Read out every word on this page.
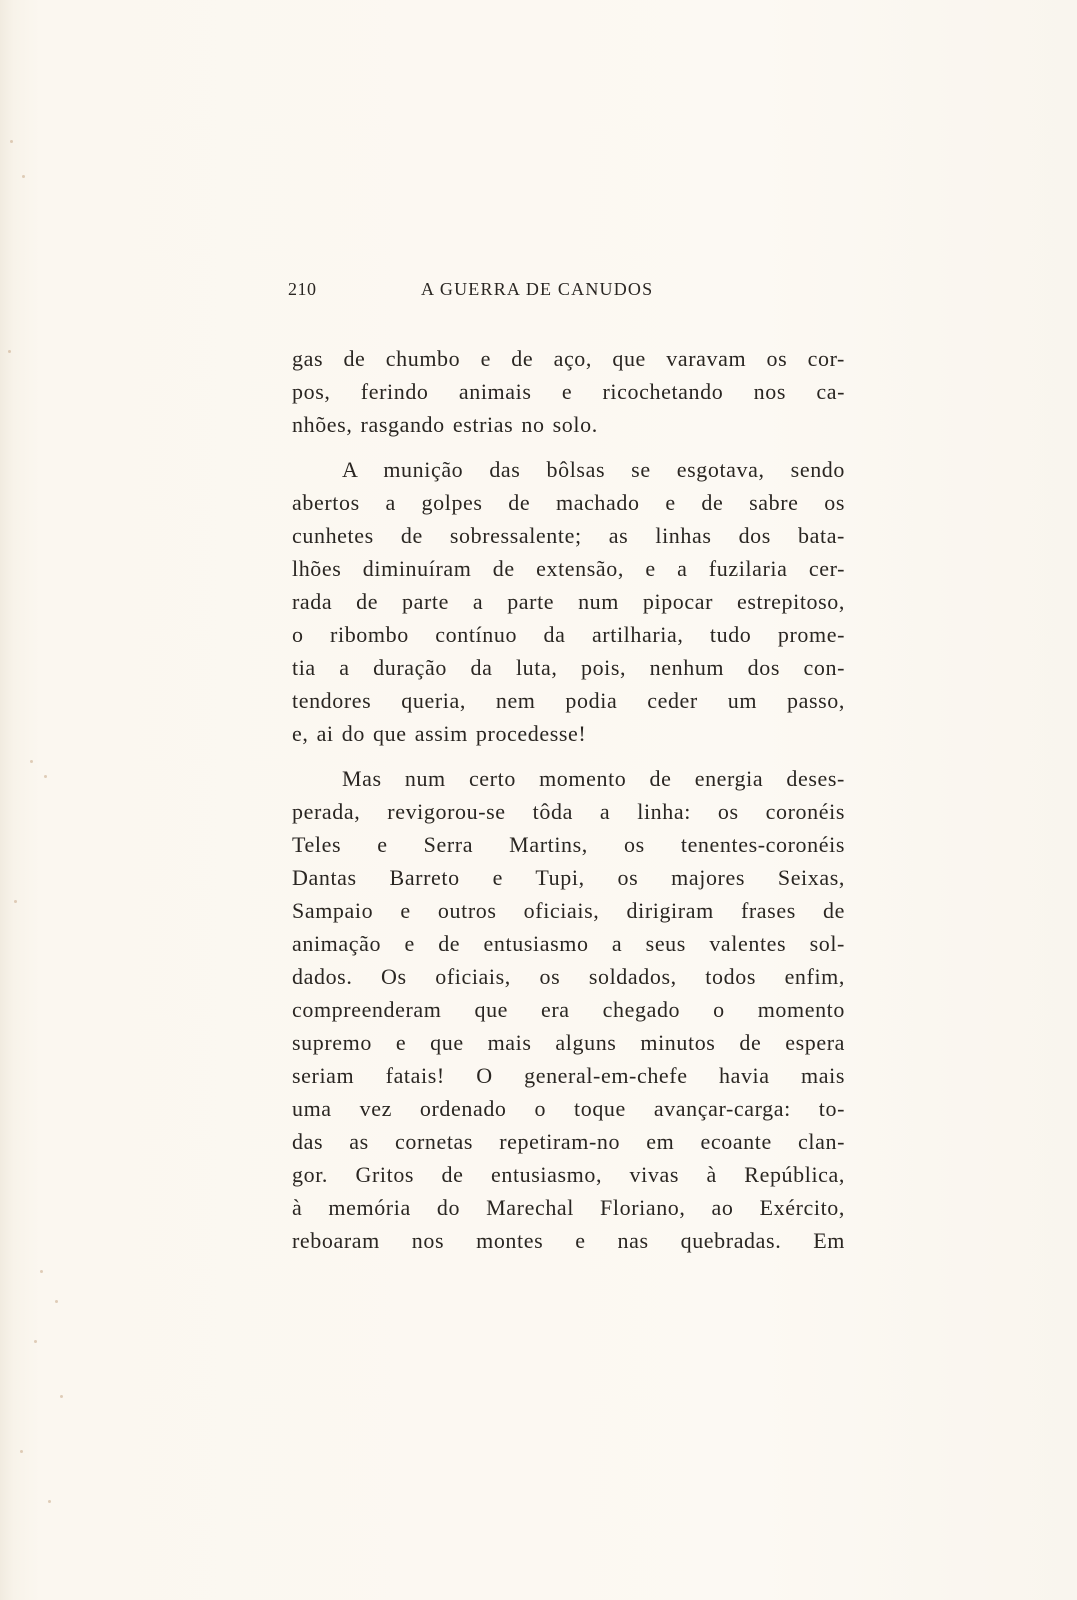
210	A GUERRA DE CANUDOS

gas de chumbo e de aço, que varavam os cor-

pos, ferindo animais e ricochetando nos ca-

nhões, rasgando estrias no solo.

A munição das bôlsas se esgotava, sendo

abertos a golpes de machado e de sabre os

cunhetes de sobressalente; as linhas dos bata-

lhões diminuíram de extensão, e a fuzilaria cer-

rada de parte a parte num pipocar estrepitoso,

o ribombo contínuo da artilharia, tudo prome-

tia a duração da luta, pois, nenhum dos con-

tendores queria, nem podia ceder um passo,

e, ai do que assim procedesse!

Mas num certo momento de energia deses-

perada, revigorou-se tôda a linha: os coronéis

Teles e Serra Martins, os tenentes-coronéis

Dantas Barreto e Tupi, os majores Seixas,

Sampaio e outros oficiais, dirigiram frases de

animação e de entusiasmo a seus valentes sol-

dados. Os oficiais, os soldados, todos enfim,

compreenderam que era chegado o momento

supremo e que mais alguns minutos de espera

seriam fatais! O general-em-chefe havia mais

uma vez ordenado o toque avançar-carga: to-

das as cornetas repetiram-no em ecoante clan-

gor. Gritos de entusiasmo, vivas à República,

à memória do Marechal Floriano, ao Exército,

reboaram nos montes e nas quebradas. Em
